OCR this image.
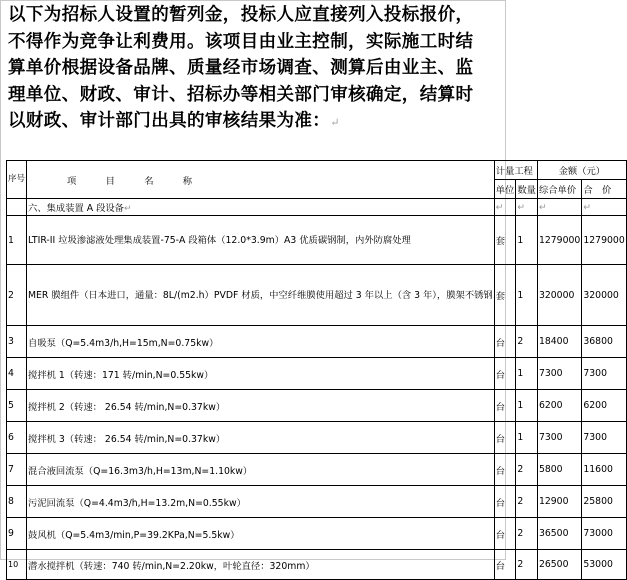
以下为招标人设置的暂列金，投标人应直接列入投标报价，
不得作为竞争让利费用。该项目由业主控制，实际施工时结
算单价根据设备品牌、质量经市场调查、测算后由业主、监
理单位、财政、审计、招标办等相关部门审核确定，结算时
以财政、审计部门出具的审核结果为准：↵
序号	项　目　名　称	计量工程		金额（元）	
		单位	数量	综合单价	合　价
	六、集成装置 A 段设备↵	↵	↵	↵	↵
1	LTIR-II 垃圾渗滤液处理集成装置-75-A 段箱体（12.0*3.9m）A3 优质碳钢制，内外防腐处理	套	1	1279000	1279000
2	MER 膜组件（日本进口，通量：8L/(m2.h）PVDF 材质，中空纤维膜使用超过 3 年以上（含 3 年），膜架不锈钢	套	1	320000	320000
3	自吸泵（Q=5.4m3/h,H=15m,N=0.75kw）	台	2	18400	36800
4	搅拌机 1（转速：171 转/min,N=0.55kw）	台	1	7300	7300
5	搅拌机 2（转速： 26.54 转/min,N=0.37kw）	台	1	6200	6200
6	搅拌机 3（转速： 26.54 转/min,N=0.37kw）	台	1	7300	7300
7	混合液回流泵（Q=16.3m3/h,H=13m,N=1.10kw）	台	2	5800	11600
8	污泥回流泵（Q=4.4m3/h,H=13.2m,N=0.55kw）	台	2	12900	25800
9	鼓风机（Q=5.4m3/min,P=39.2KPa,N=5.5kw）	台	2	36500	73000
10	潜水搅拌机（转速：740 转/min,N=2.20kw，叶轮直径：320mm）	台	2	26500	53000
